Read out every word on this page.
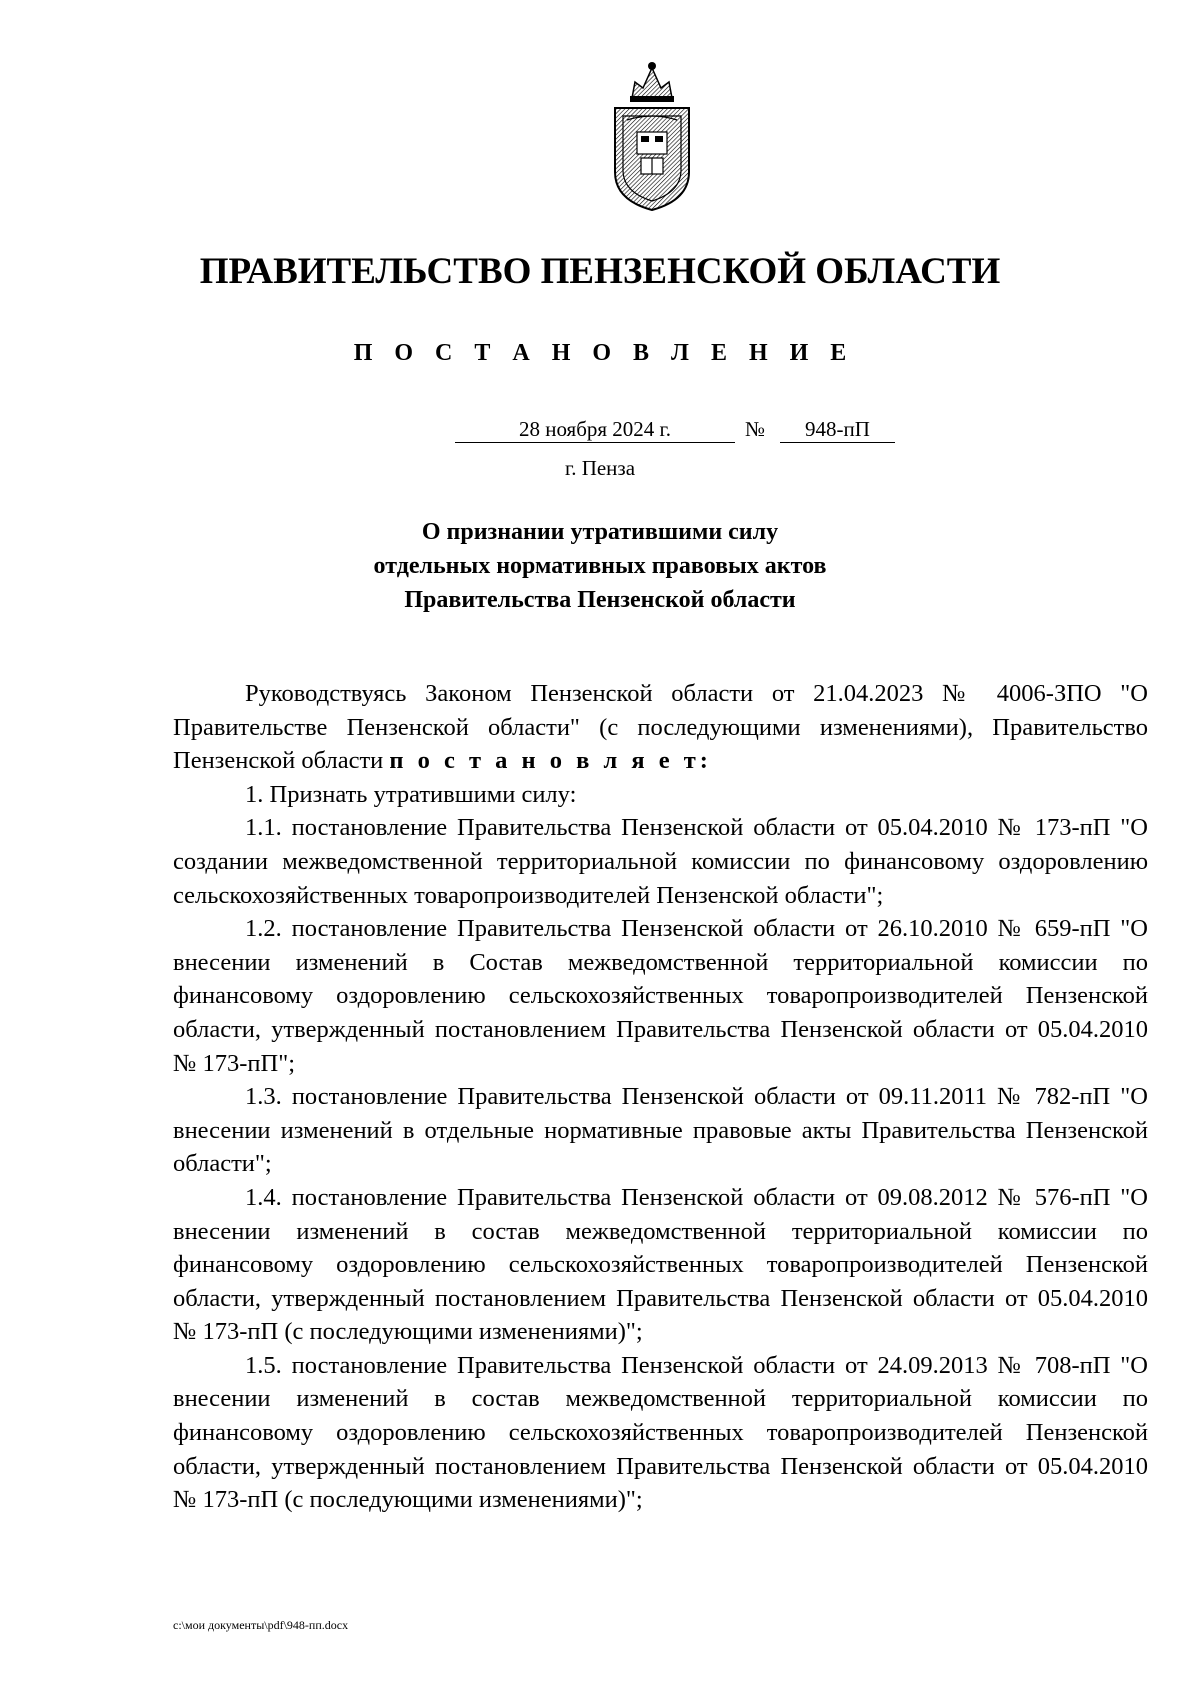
ПРАВИТЕЛЬСТВО ПЕНЗЕНСКОЙ ОБЛАСТИ
П О С Т А Н О В Л Е Н И Е
28 ноября 2024 г.	№	948-пП
г. Пенза
О признании утратившими силу
отдельных нормативных правовых актов
Правительства Пензенской области

Руководствуясь Законом Пензенской области от 21.04.2023 № 4006-ЗПО "О Правительстве Пензенской области" (с последующими изменениями), Правительство Пензенской области п о с т а н о в л я е т:

1. Признать утратившими силу:

1.1. постановление Правительства Пензенской области от 05.04.2010 № 173-пП "О создании межведомственной территориальной комиссии по финансовому оздоровлению сельскохозяйственных товаропроизводителей Пензенской области";

1.2. постановление Правительства Пензенской области от 26.10.2010 № 659-пП "О внесении изменений в Состав межведомственной территориальной комиссии по финансовому оздоровлению сельскохозяйственных товаропроизводителей Пензенской области, утвержденный постановлением Правительства Пензенской области от 05.04.2010 № 173-пП";

1.3. постановление Правительства Пензенской области от 09.11.2011 № 782-пП "О внесении изменений в отдельные нормативные правовые акты Правительства Пензенской области";

1.4. постановление Правительства Пензенской области от 09.08.2012 № 576-пП "О внесении изменений в состав межведомственной территориальной комиссии по финансовому оздоровлению сельскохозяйственных товаропроизводителей Пензенской области, утвержденный постановлением Правительства Пензенской области от 05.04.2010 № 173-пП (с последующими изменениями)";

1.5. постановление Правительства Пензенской области от 24.09.2013 № 708-пП "О внесении изменений в состав межведомственной территориальной комиссии по финансовому оздоровлению сельскохозяйственных товаропроизводителей Пензенской области, утвержденный постановлением Правительства Пензенской области от 05.04.2010 № 173-пП (с последующими изменениями)";

c:\мои документы\pdf\948-пп.docx
